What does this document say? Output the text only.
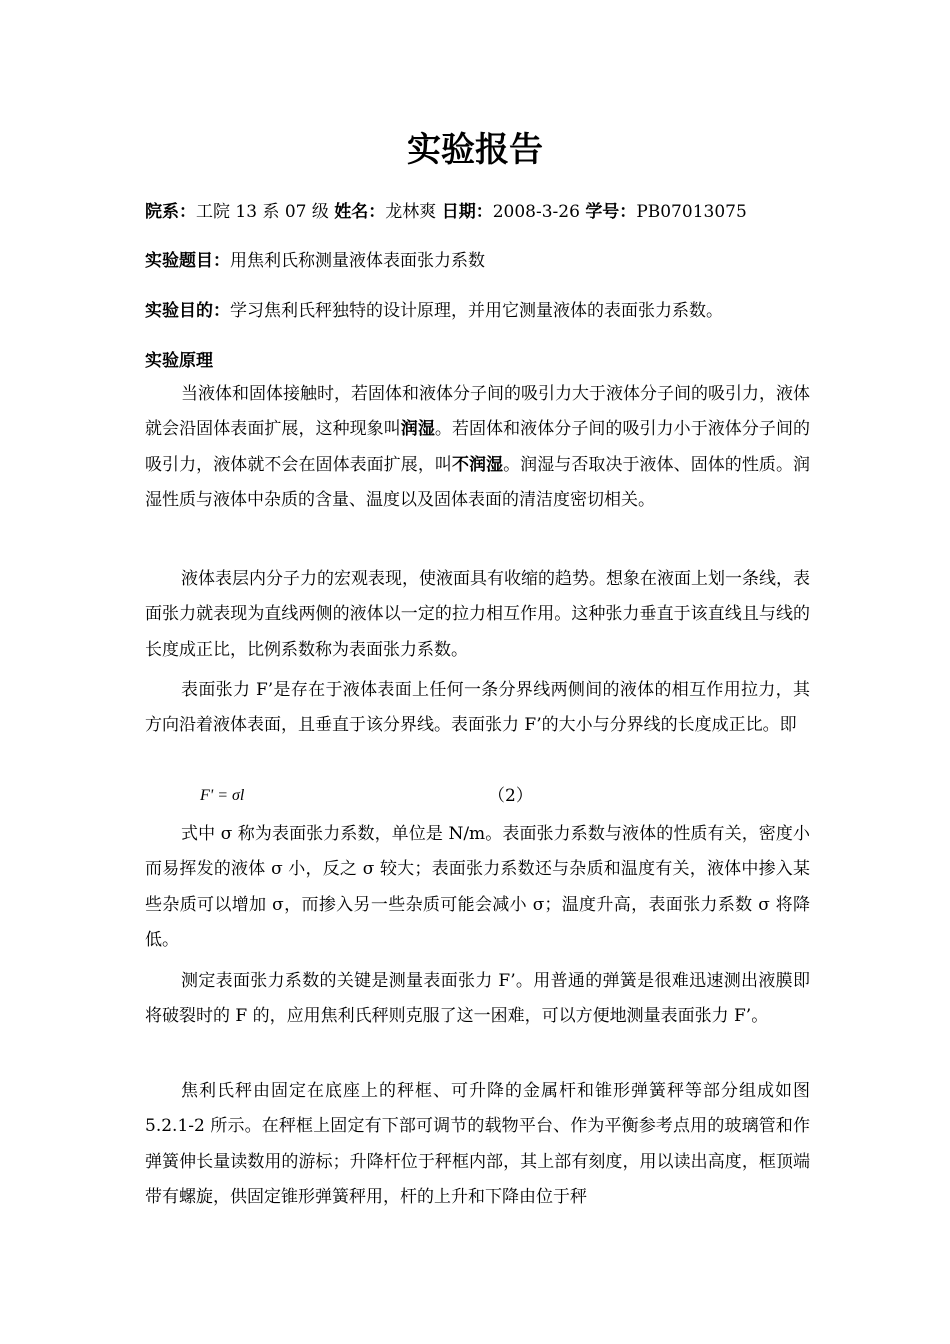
实验报告
院系：工院 13 系 07 级 姓名：龙林爽 日期：2008-3-26 学号：PB07013075
实验题目：用焦利氏称测量液体表面张力系数
实验目的：学习焦利氏秤独特的设计原理，并用它测量液体的表面张力系数。
实验原理
当液体和固体接触时，若固体和液体分子间的吸引力大于液体分子间的吸引力，液体就会沿固体表面扩展，这种现象叫润湿。若固体和液体分子间的吸引力小于液体分子间的吸引力，液体就不会在固体表面扩展，叫不润湿。润湿与否取决于液体、固体的性质。润湿性质与液体中杂质的含量、温度以及固体表面的清洁度密切相关。
液体表层内分子力的宏观表现，使液面具有收缩的趋势。想象在液面上划一条线，表面张力就表现为直线两侧的液体以一定的拉力相互作用。这种张力垂直于该直线且与线的长度成正比，比例系数称为表面张力系数。
表面张力 F’是存在于液体表面上任何一条分界线两侧间的液体的相互作用拉力，其方向沿着液体表面，且垂直于该分界线。表面张力 F’的大小与分界线的长度成正比。即
F' = σl	（2）
式中 σ 称为表面张力系数，单位是 N/m。表面张力系数与液体的性质有关，密度小而易挥发的液体 σ 小，反之 σ 较大；表面张力系数还与杂质和温度有关，液体中掺入某些杂质可以增加 σ，而掺入另一些杂质可能会减小 σ；温度升高，表面张力系数 σ 将降低。
测定表面张力系数的关键是测量表面张力 F’。用普通的弹簧是很难迅速测出液膜即将破裂时的 F 的，应用焦利氏秤则克服了这一困难，可以方便地测量表面张力 F’。
焦利氏秤由固定在底座上的秤框、可升降的金属杆和锥形弹簧秤等部分组成如图 5.2.1-2 所示。在秤框上固定有下部可调节的载物平台、作为平衡参考点用的玻璃管和作弹簧伸长量读数用的游标；升降杆位于秤框内部，其上部有刻度，用以读出高度，框顶端带有螺旋，供固定锥形弹簧秤用，杆的上升和下降由位于秤
